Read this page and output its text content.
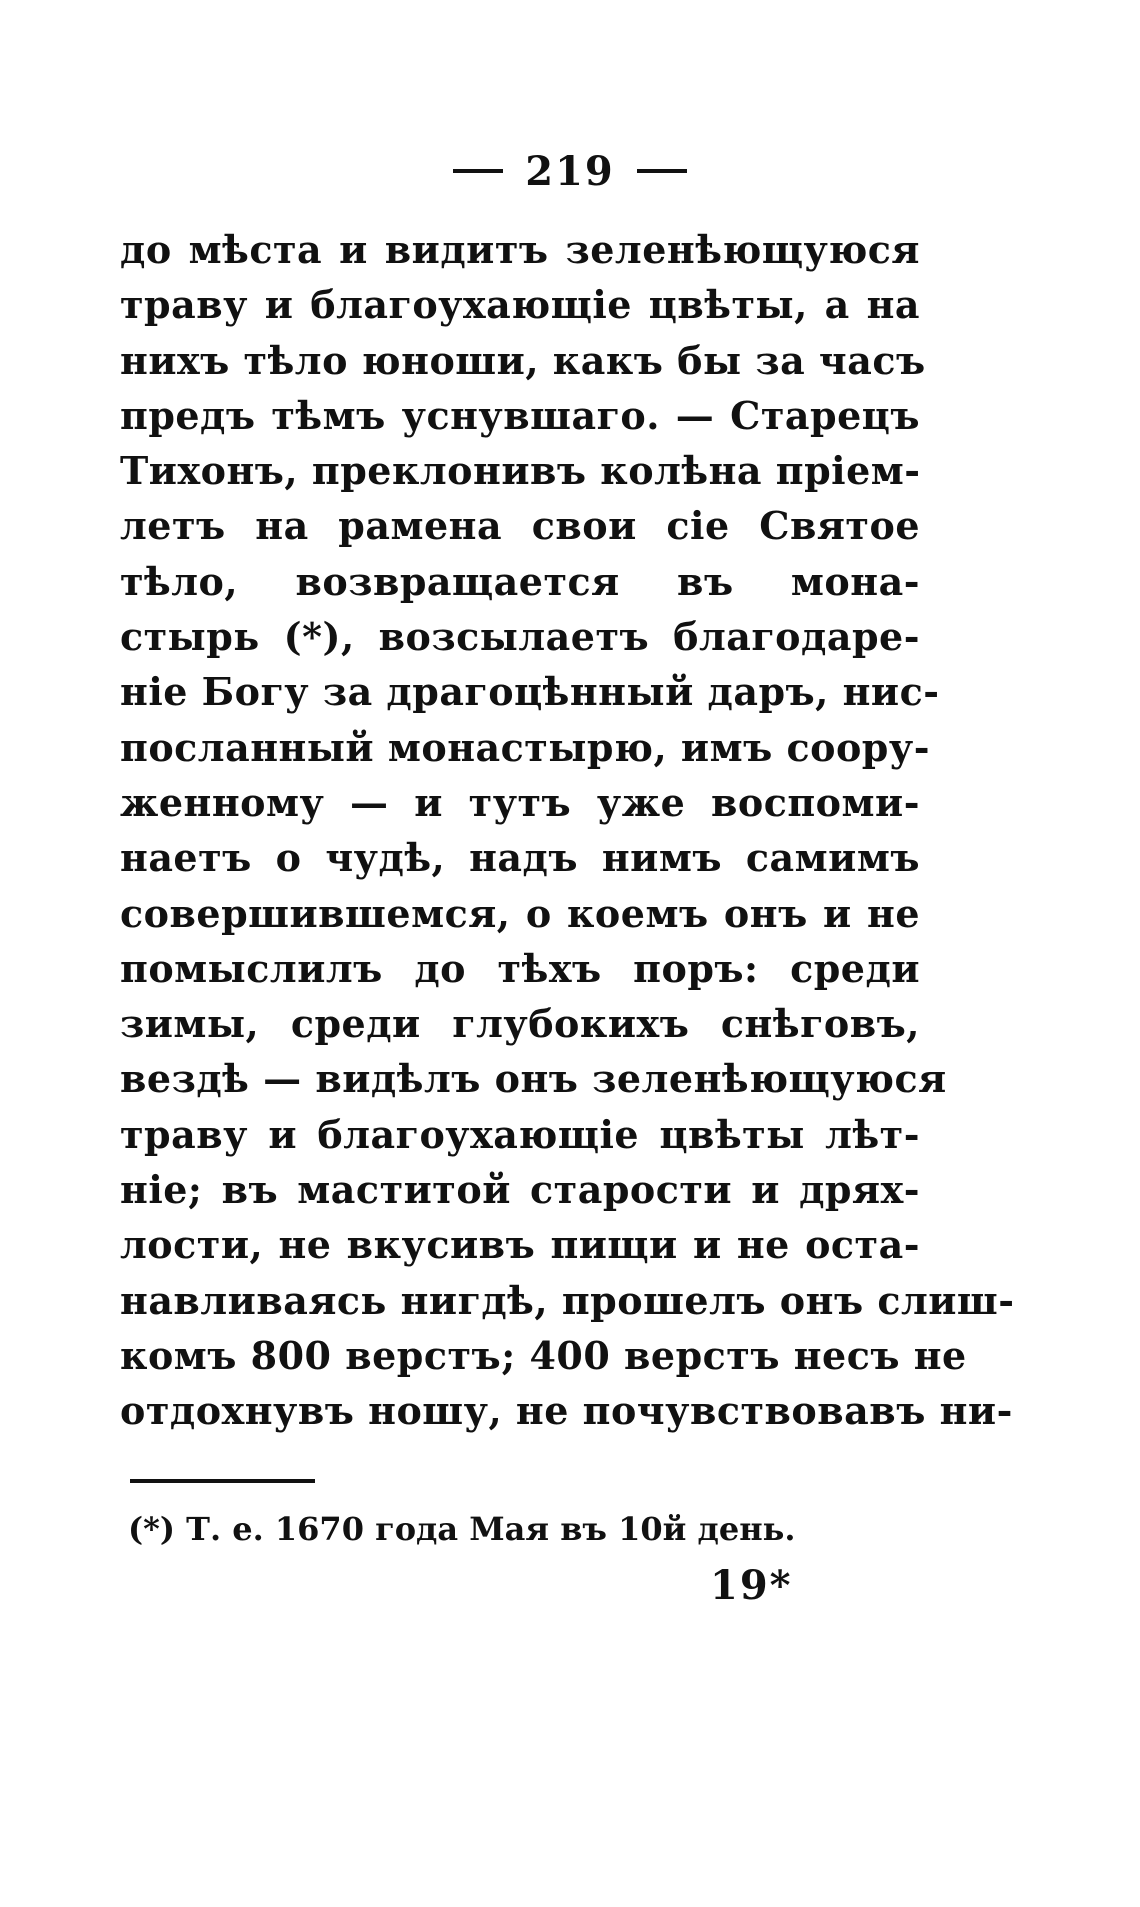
219
до мѣста и видитъ зеленѣющуюся
траву и благоухающіе цвѣты, а на
нихъ тѣло юноши, какъ бы за часъ
предъ тѣмъ уснувшаго. — Старецъ
Тихонъ, преклонивъ колѣна пріем-
летъ на рамена свои сіе Святое
тѣло, возвращается въ мона-
стырь (*), возсылаетъ благодаре-
ніе Богу за драгоцѣнный даръ, нис-
посланный монастырю, имъ соору-
женному — и тутъ уже воспоми-
наетъ о чудѣ, надъ нимъ самимъ
совершившемся, о коемъ онъ и не
помыслилъ до тѣхъ поръ: среди
зимы, среди глубокихъ снѣговъ,
вездѣ — видѣлъ онъ зеленѣющуюся
траву и благоухающіе цвѣты лѣт-
ніе; въ маститой старости и дрях-
лости, не вкусивъ пищи и не оста-
навливаясь нигдѣ, прошелъ онъ слиш-
комъ 800 верстъ; 400 верстъ несъ не
отдохнувъ ношу, не почувствовавъ ни-
(*) Т. е. 1670 года Мая въ 10й день.
19*
